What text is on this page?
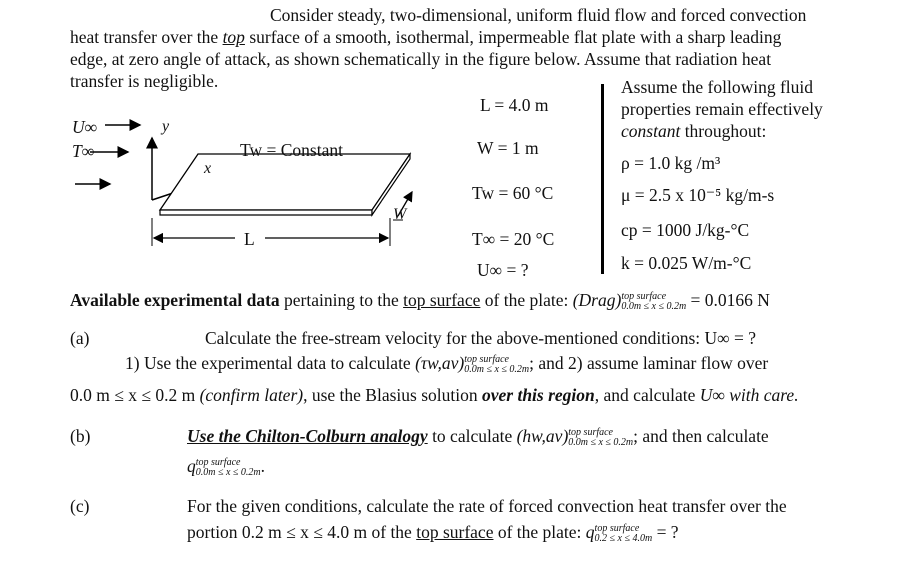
Consider steady, two-dimensional, uniform fluid flow and forced convection
heat transfer over the top surface of a smooth, isothermal, impermeable flat plate with a sharp leading
edge, at zero angle of attack, as shown schematically in the figure below. Assume that radiation heat
transfer is negligible.
U∞
T∞
y
x
Tw = Constant
L
W
L = 4.0 m
W = 1 m
Tw = 60 °C
T∞ = 20 °C
U∞ = ?
Assume the following fluid
properties remain effectively
constant throughout:
ρ = 1.0 kg /m³
μ = 2.5 x 10⁻⁵ kg/m-s
cp = 1000 J/kg-°C
k = 0.025 W/m-°C
Available experimental data pertaining to the top surface of the plate: (Drag)top surface
0.0m ≤ x ≤ 0.2m = 0.0166 N
(a)	Calculate the free-stream velocity for the above-mentioned conditions: U∞ = ?
1) Use the experimental data to calculate (τw,av)top surface
0.0m ≤ x ≤ 0.2m; and 2) assume laminar flow over
0.0 m ≤ x ≤ 0.2 m (confirm later), use the Blasius solution over this region, and calculate U∞ with care.
(b)	Use the Chilton-Colburn analogy to calculate (hw,av)top surface
0.0m ≤ x ≤ 0.2m; and then calculate
qtop surface
0.0m ≤ x ≤ 0.2m.
(c)	For the given conditions, calculate the rate of forced convection heat transfer over the
portion 0.2 m ≤ x ≤ 4.0 m of the top surface of the plate: qtop surface
0.2 ≤ x ≤ 4.0m = ?
